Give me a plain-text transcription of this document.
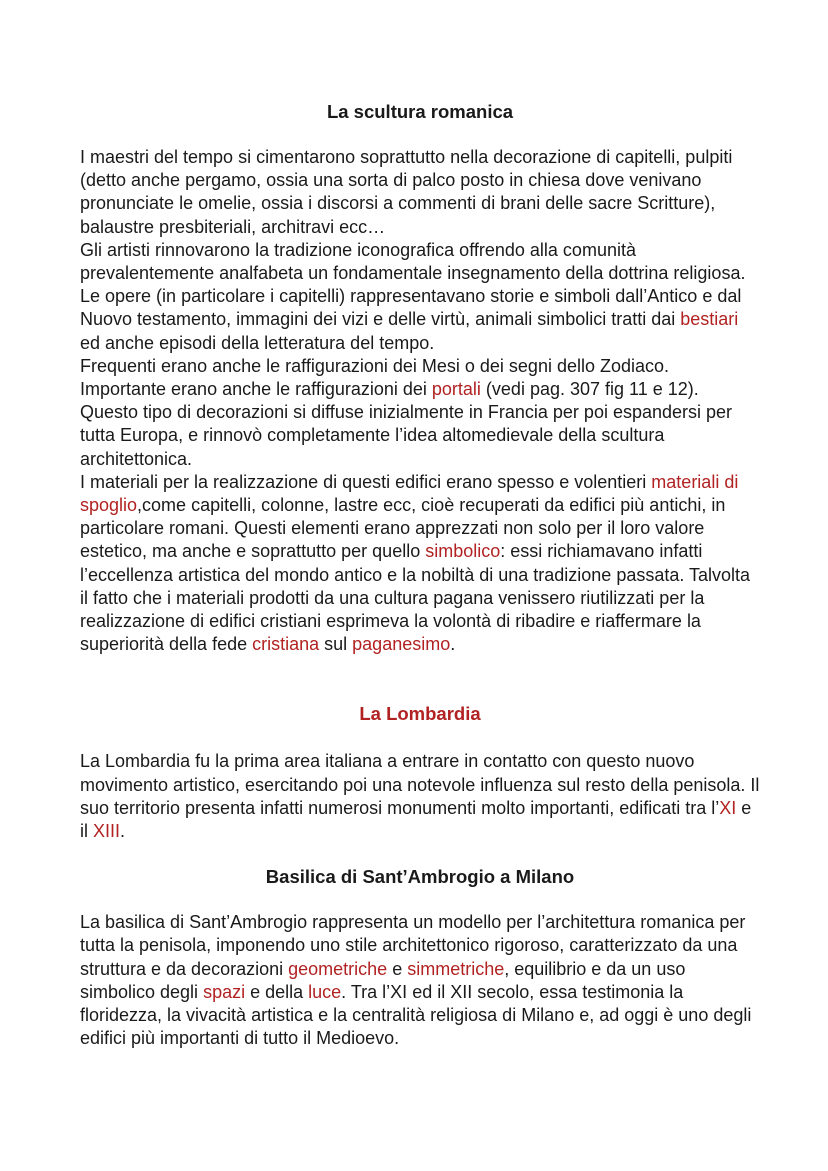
La scultura romanica

I maestri del tempo si cimentarono soprattutto nella decorazione di capitelli, pulpiti (detto anche pergamo, ossia una sorta di palco posto in chiesa dove venivano pronunciate le omelie, ossia i discorsi a commenti di brani delle sacre Scritture), balaustre presbiteriali, architravi ecc…
Gli artisti rinnovarono la tradizione iconografica offrendo alla comunità prevalentemente analfabeta un fondamentale insegnamento della dottrina religiosa. Le opere (in particolare i capitelli) rappresentavano storie e simboli dall’Antico e dal Nuovo testamento, immagini dei vizi e delle virtù, animali simbolici tratti dai bestiari ed anche episodi della letteratura del tempo.
Frequenti erano anche le raffigurazioni dei Mesi o dei segni dello Zodiaco.
Importante erano anche le raffigurazioni dei portali (vedi pag. 307 fig 11 e 12). Questo tipo di decorazioni si diffuse inizialmente in Francia per poi espandersi per tutta Europa, e rinnovò completamente l’idea altomedievale della scultura architettonica.
I materiali per la realizzazione di questi edifici erano spesso e volentieri materiali di spoglio,come capitelli, colonne, lastre ecc, cioè recuperati da edifici più antichi, in particolare romani. Questi elementi erano apprezzati non solo per il loro valore estetico, ma anche e soprattutto per quello simbolico: essi richiamavano infatti l’eccellenza artistica del mondo antico e la nobiltà di una tradizione passata. Talvolta il fatto che i materiali prodotti da una cultura pagana venissero riutilizzati per la realizzazione di edifici cristiani esprimeva la volontà di ribadire e riaffermare la superiorità della fede cristiana sul paganesimo.

La Lombardia

La Lombardia fu la prima area italiana a entrare in contatto con questo nuovo movimento artistico, esercitando poi una notevole influenza sul resto della penisola. Il suo territorio presenta infatti numerosi monumenti molto importanti, edificati tra l’XI e il XIII.

Basilica di Sant’Ambrogio a Milano

La basilica di Sant’Ambrogio rappresenta un modello per l’architettura romanica per tutta la penisola, imponendo uno stile architettonico rigoroso, caratterizzato da una struttura e da decorazioni geometriche e simmetriche, equilibrio e da un uso simbolico degli spazi e della luce. Tra l’XI ed il XII secolo, essa testimonia la floridezza, la vivacità artistica e la centralità religiosa di Milano e, ad oggi è uno degli edifici più importanti di tutto il Medioevo.
